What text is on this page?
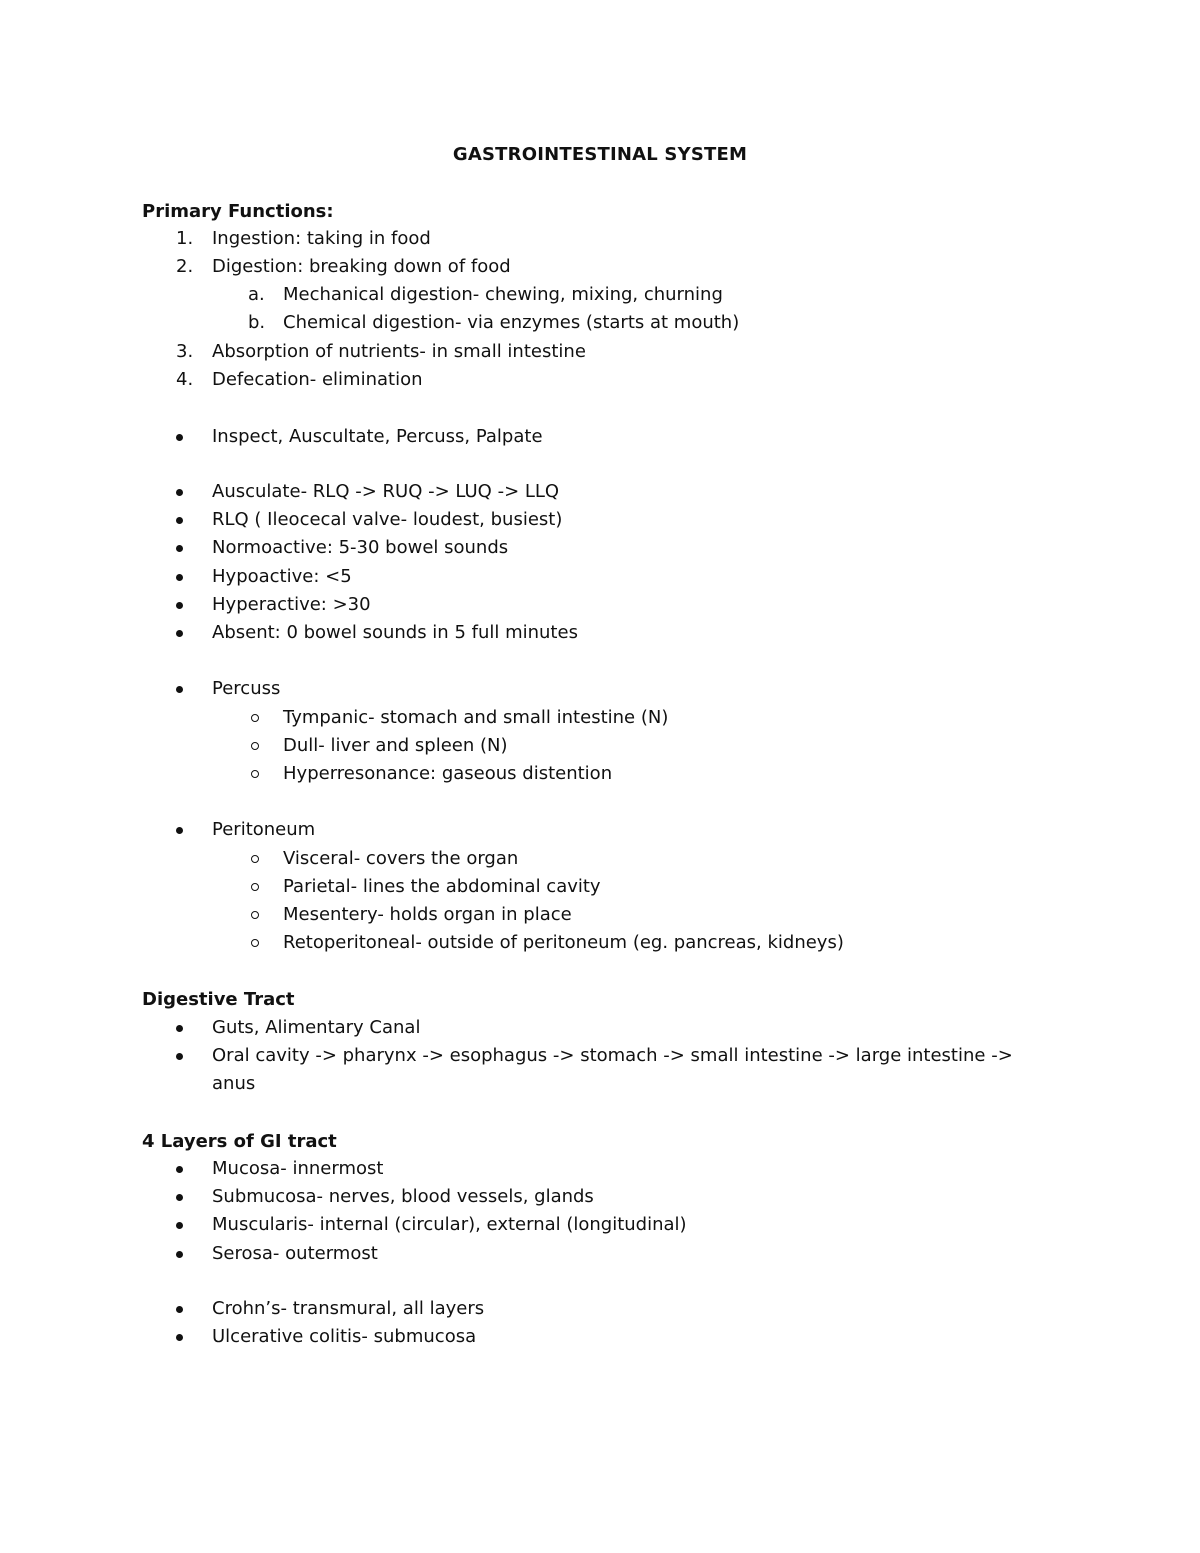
GASTROINTESTINAL SYSTEM
Primary Functions:
1. Ingestion: taking in food
2. Digestion: breaking down of food
a. Mechanical digestion- chewing, mixing, churning
b. Chemical digestion- via enzymes (starts at mouth)
3. Absorption of nutrients- in small intestine
4. Defecation- elimination
Inspect, Auscultate, Percuss, Palpate
Ausculate- RLQ -> RUQ -> LUQ -> LLQ
RLQ ( Ileocecal valve- loudest, busiest)
Normoactive: 5-30 bowel sounds
Hypoactive: <5
Hyperactive: >30
Absent: 0 bowel sounds in 5 full minutes
Percuss
Tympanic- stomach and small intestine (N)
Dull- liver and spleen (N)
Hyperresonance: gaseous distention
Peritoneum
Visceral- covers the organ
Parietal- lines the abdominal cavity
Mesentery- holds organ in place
Retoperitoneal- outside of peritoneum (eg. pancreas, kidneys)
Digestive Tract
Guts, Alimentary Canal
Oral cavity -> pharynx -> esophagus -> stomach -> small intestine -> large intestine ->
anus
4 Layers of GI tract
Mucosa- innermost
Submucosa- nerves, blood vessels, glands
Muscularis- internal (circular), external (longitudinal)
Serosa- outermost
Crohn’s- transmural, all layers
Ulcerative colitis- submucosa
